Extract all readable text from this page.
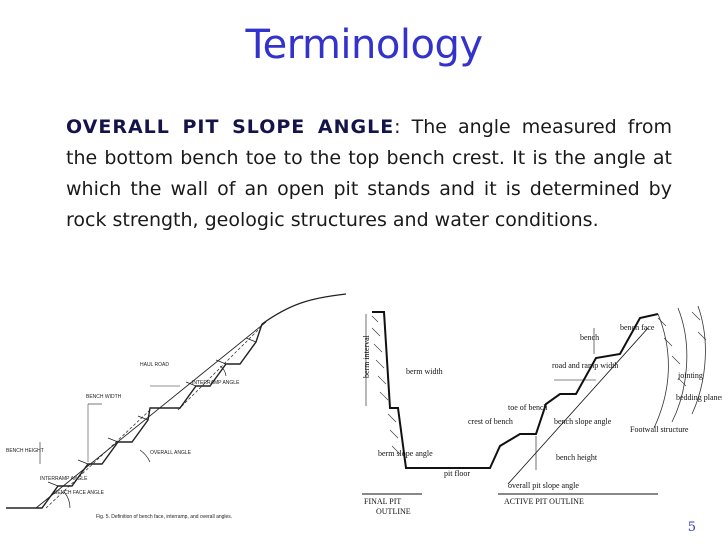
Terminology
OVERALL PIT SLOPE ANGLE: The angle measured from the bottom bench toe to the top bench crest. It is the angle at which the wall of an open pit stands and it is determined by rock strength, geologic structures and water conditions.
HAUL ROAD
INTERRAMP ANGLE
BENCH WIDTH
BENCH HEIGHT	OVERALL ANGLE
INTERRAMP ANGLE
BENCH FACE ANGLE
Fig. 5. Definition of bench face, interramp, and overall angles.
bench face
bench
road and ramp width
berm interval	berm width	jointing
bedding planes
toe of bench
crest of bench	bench slope angle
Footwall structure
berm slope angle	bench height
pit floor
overall pit slope angle
FINAL PIT
OUTLINE
ACTIVE PIT OUTLINE
5
